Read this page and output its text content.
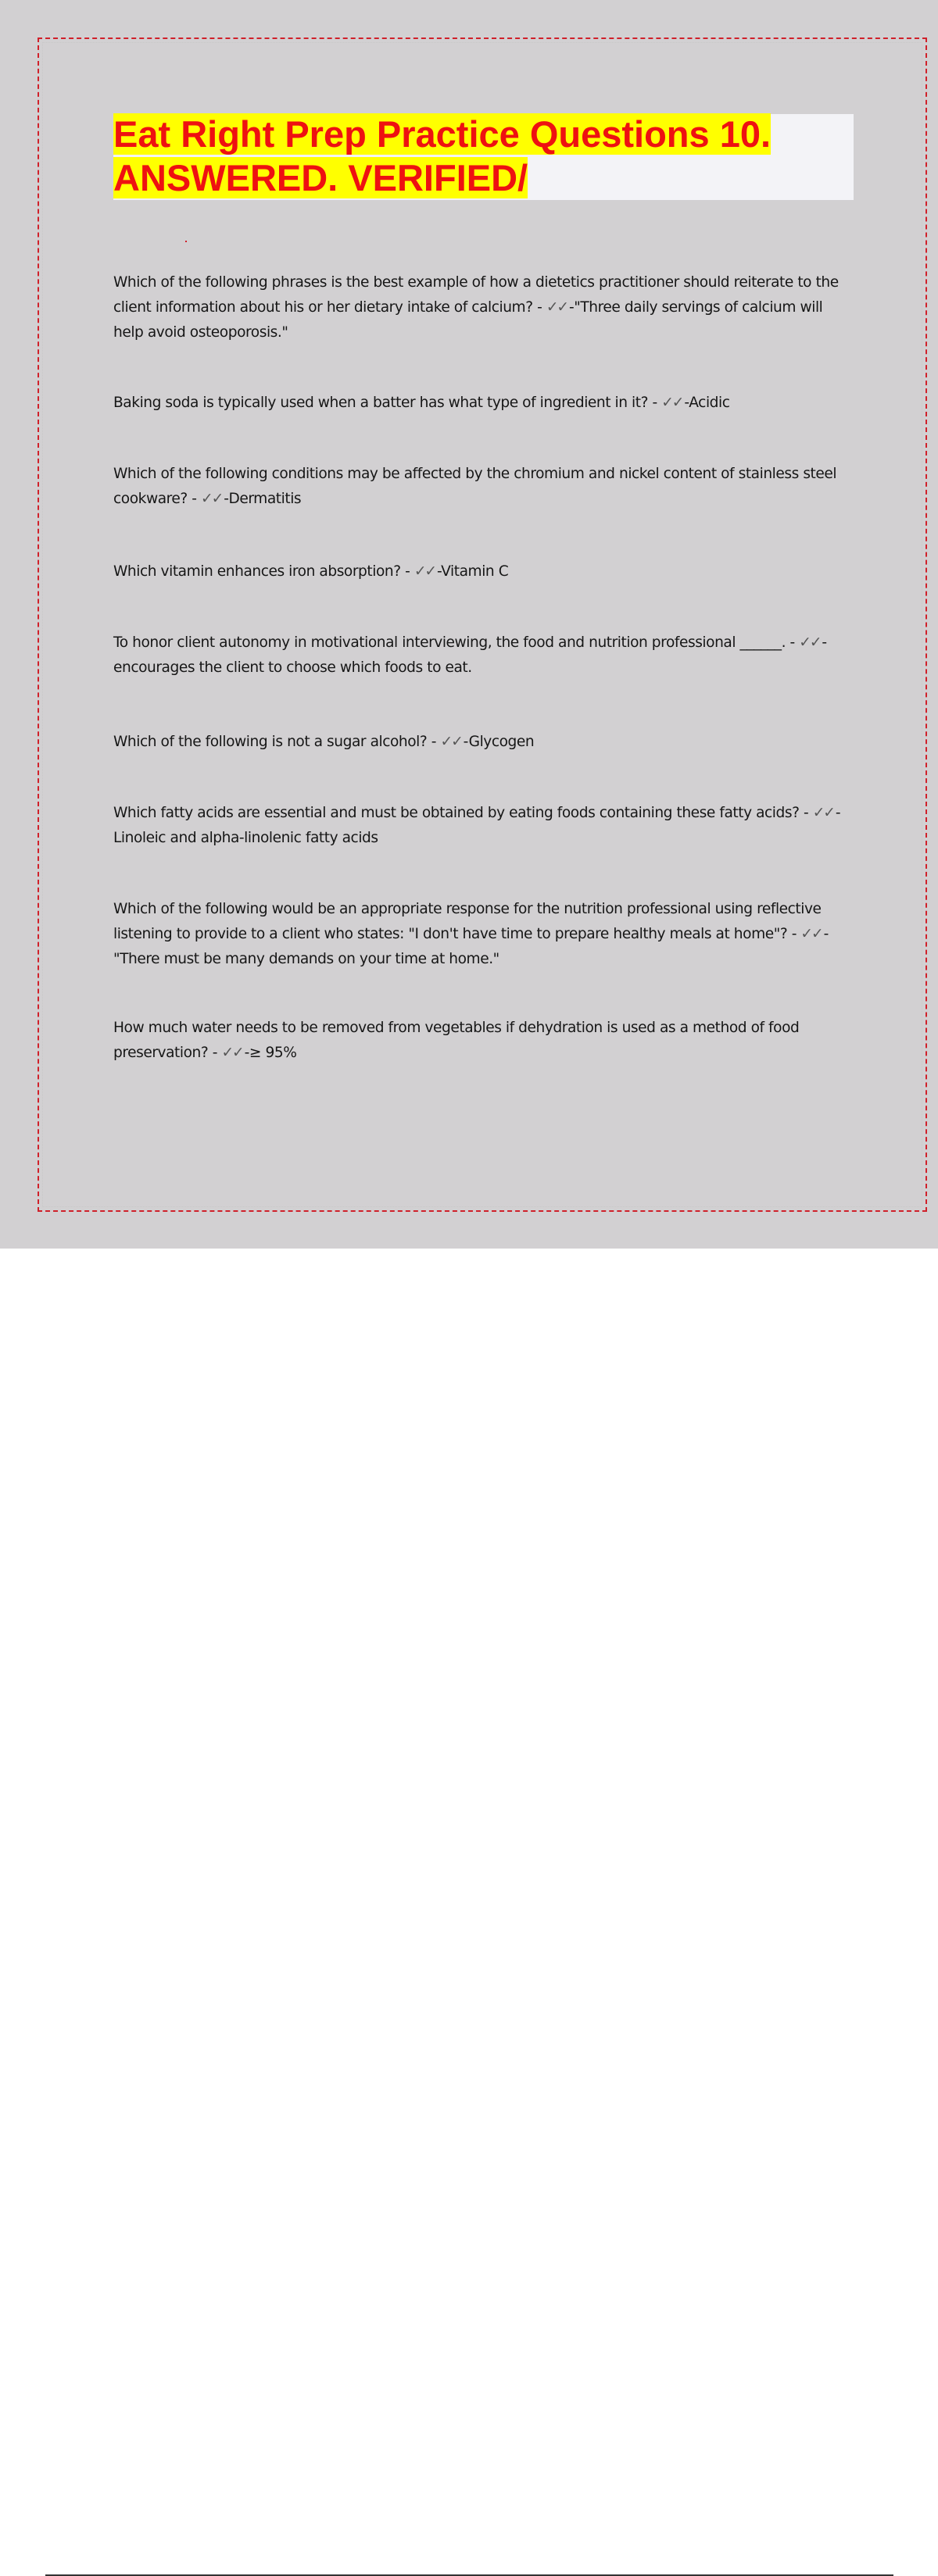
Eat Right Prep Practice Questions 10.
ANSWERED. VERIFIED/

Which of the following phrases is the best example of how a dietetics practitioner should reiterate to the client information about his or her dietary intake of calcium? - ✓✓ -"Three daily servings of calcium will help avoid osteoporosis."

Baking soda is typically used when a batter has what type of ingredient in it? - ✓✓ -Acidic

Which of the following conditions may be affected by the chromium and nickel content of stainless steel cookware? - ✓✓ -Dermatitis

Which vitamin enhances iron absorption? - ✓✓ -Vitamin C

To honor client autonomy in motivational interviewing, the food and nutrition professional ______. - ✓✓ -encourages the client to choose which foods to eat.

Which of the following is not a sugar alcohol? - ✓✓ -Glycogen

Which fatty acids are essential and must be obtained by eating foods containing these fatty acids? - ✓✓ -Linoleic and alpha-linolenic fatty acids

Which of the following would be an appropriate response for the nutrition professional using reflective listening to provide to a client who states: "I don't have time to prepare healthy meals at home"? - ✓✓ -"There must be many demands on your time at home."

How much water needs to be removed from vegetables if dehydration is used as a method of food preservation? - ✓✓ -≥ 95%
